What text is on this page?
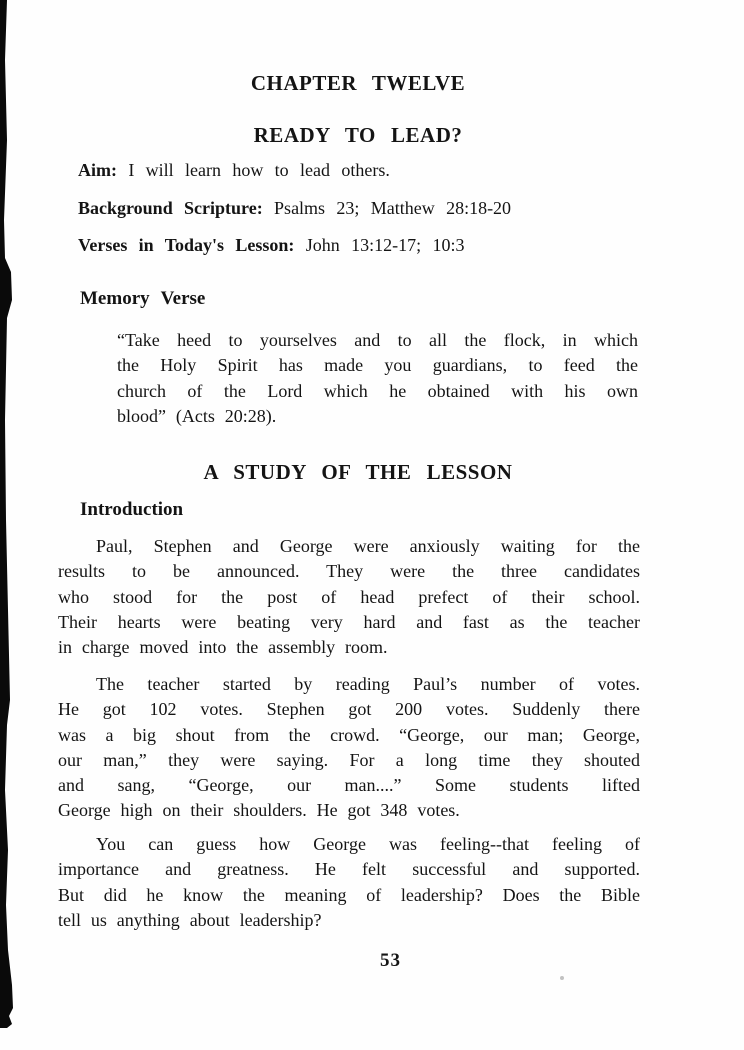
CHAPTER TWELVE
READY TO LEAD?
Aim: I will learn how to lead others.
Background Scripture: Psalms 23; Matthew 28:18-20
Verses in Today's Lesson: John 13:12-17; 10:3
Memory Verse
“Take heed to yourselves and to all the flock, in which
the Holy Spirit has made you guardians, to feed the
church of the Lord which he obtained with his own
blood” (Acts 20:28).
A STUDY OF THE LESSON
Introduction
Paul, Stephen and George were anxiously waiting for the
results to be announced. They were the three candidates
who stood for the post of head prefect of their school.
Their hearts were beating very hard and fast as the teacher
in charge moved into the assembly room.
The teacher started by reading Paul’s number of votes.
He got 102 votes. Stephen got 200 votes. Suddenly there
was a big shout from the crowd. “George, our man; George,
our man,” they were saying. For a long time they shouted
and sang, “George, our man....” Some students lifted
George high on their shoulders. He got 348 votes.
You can guess how George was feeling--that feeling of
importance and greatness. He felt successful and supported.
But did he know the meaning of leadership? Does the Bible
tell us anything about leadership?
53
